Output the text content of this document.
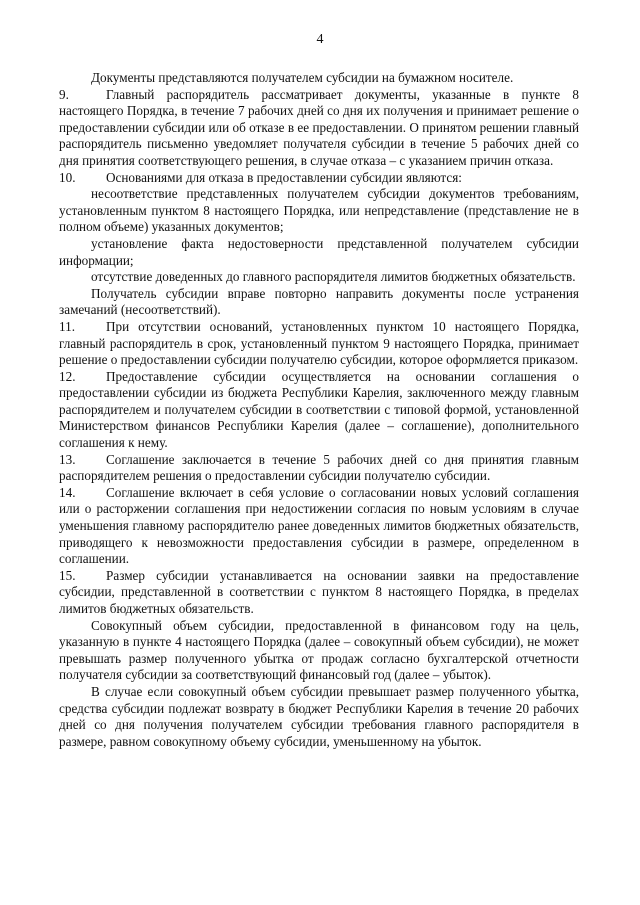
4

Документы представляются получателем субсидии на бумажном носителе.

9.	Главный распорядитель рассматривает документы, указанные в пункте 8 настоящего Порядка, в течение 7 рабочих дней со дня их получения и принимает решение о предоставлении субсидии или об отказе в ее предоставлении. О принятом решении главный распорядитель письменно уведомляет получателя субсидии в течение 5 рабочих дней со дня принятия соответствующего решения, в случае отказа – с указанием причин отказа.

10. Основаниями для отказа в предоставлении субсидии являются:

несоответствие представленных получателем субсидии документов требованиям, установленным пунктом 8 настоящего Порядка, или непредставление (представление не в полном объеме) указанных документов;

установление факта недостоверности представленной получателем субсидии информации;

отсутствие доведенных до главного распорядителя лимитов бюджетных обязательств.

Получатель субсидии вправе повторно направить документы после устранения замечаний (несоответствий).

11. При отсутствии оснований, установленных пунктом 10 настоящего Порядка, главный распорядитель в срок, установленный пунктом 9 настоящего Порядка, принимает решение о предоставлении субсидии получателю субсидии, которое оформляется приказом.

12. Предоставление субсидии осуществляется на основании соглашения о предоставлении субсидии из бюджета Республики Карелия, заключенного между главным распорядителем и получателем субсидии в соответствии с типовой формой, установленной Министерством финансов Республики Карелия (далее – соглашение), дополнительного соглашения к нему.

13. Соглашение заключается в течение 5 рабочих дней со дня принятия главным распорядителем решения о предоставлении субсидии получателю субсидии.

14. Соглашение включает в себя условие о согласовании новых условий соглашения или о расторжении соглашения при недостижении согласия по новым условиям в случае уменьшения главному распорядителю ранее доведенных лимитов бюджетных обязательств, приводящего к невозможности предоставления субсидии в размере, определенном в соглашении.

15. Размер субсидии устанавливается на основании заявки на предоставление субсидии, представленной в соответствии с пунктом 8 настоящего Порядка, в пределах лимитов бюджетных обязательств.

Совокупный объем субсидии, предоставленной в финансовом году на цель, указанную в пункте 4 настоящего Порядка (далее – совокупный объем субсидии), не может превышать размер полученного убытка от продаж согласно бухгалтерской отчетности получателя субсидии за соответствующий финансовый год (далее – убыток).

В случае если совокупный объем субсидии превышает размер полученного убытка, средства субсидии подлежат возврату в бюджет Республики Карелия в течение 20 рабочих дней со дня получения получателем субсидии требования главного распорядителя в размере, равном совокупному объему субсидии, уменьшенному на убыток.
